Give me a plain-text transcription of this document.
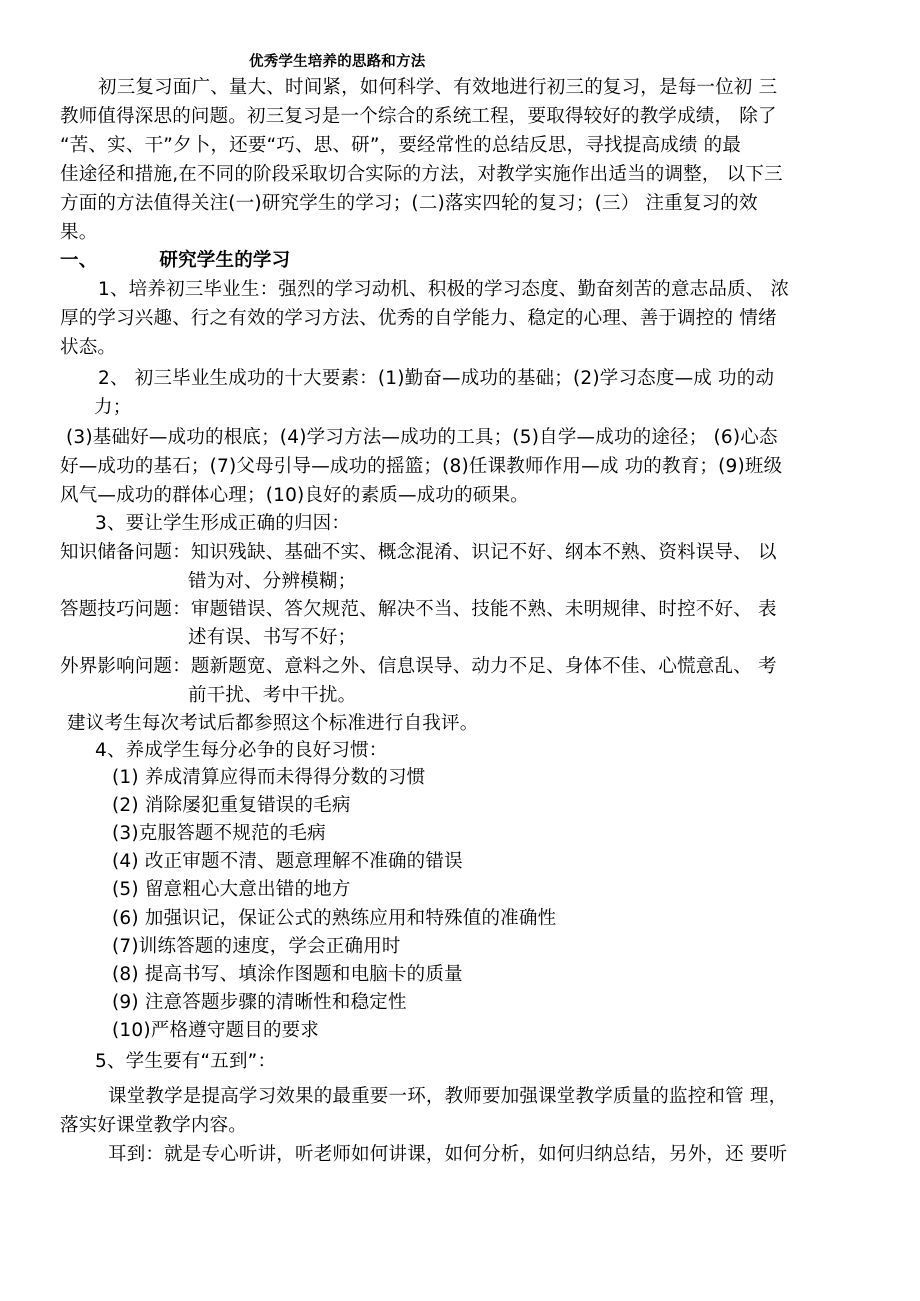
优秀学生培养的思路和方法
初三复习面广、量大、时间紧，如何科学、有效地进行初三的复习，是每一位初 三
教师值得深思的问题。初三复习是一个综合的系统工程，要取得较好的教学成绩， 除了
“苦、实、干”夕卜，还要“巧、思、研”，要经常性的总结反思，寻找提高成绩 的最
佳途径和措施,在不同的阶段采取切合实际的方法，对教学实施作出适当的调整， 以下三
方面的方法值得关注(一)研究学生的学习；(二)落实四轮的复习；(三） 注重复习的效
果。
一、	研究学生的学习
1、培养初三毕业生：强烈的学习动机、积极的学习态度、勤奋刻苦的意志品质、 浓
厚的学习兴趣、行之有效的学习方法、优秀的自学能力、稳定的心理、善于调控的 情绪
状态。
2、 初三毕业生成功的十大要素：(1)勤奋—成功的基础；(2)学习态度—成 功的动
力；
(3)基础好—成功的根底；(4)学习方法—成功的工具；(5)自学—成功的途径； (6)心态
好—成功的基石；(7)父母引导—成功的摇篮；(8)任课教师作用—成 功的教育；(9)班级
风气—成功的群体心理；(10)良好的素质—成功的硕果。
3、要让学生形成正确的归因：
知识储备问题：知识残缺、基础不实、概念混淆、识记不好、纲本不熟、资料误导、 以
错为对、分辨模糊；
答题技巧问题：审题错误、答欠规范、解决不当、技能不熟、未明规律、时控不好、 表
述有误、书写不好；
外界影响问题：题新题宽、意料之外、信息误导、动力不足、身体不佳、心慌意乱、 考
前干扰、考中干扰。
建议考生每次考试后都参照这个标准进行自我评。
4、养成学生每分必争的良好习惯：
(1) 养成清算应得而未得得分数的习惯
(2) 消除屡犯重复错误的毛病
(3)克服答题不规范的毛病
(4) 改正审题不清、题意理解不准确的错误
(5) 留意粗心大意出错的地方
(6) 加强识记，保证公式的熟练应用和特殊值的准确性
(7)训练答题的速度，学会正确用时
(8) 提高书写、填涂作图题和电脑卡的质量
(9) 注意答题步骤的清晰性和稳定性
(10)严格遵守题目的要求
5、学生要有“五到”：
课堂教学是提高学习效果的最重要一环，教师要加强课堂教学质量的监控和管 理，
落实好课堂教学内容。
耳到：就是专心听讲，听老师如何讲课，如何分析，如何归纳总结，另外，还 要听
